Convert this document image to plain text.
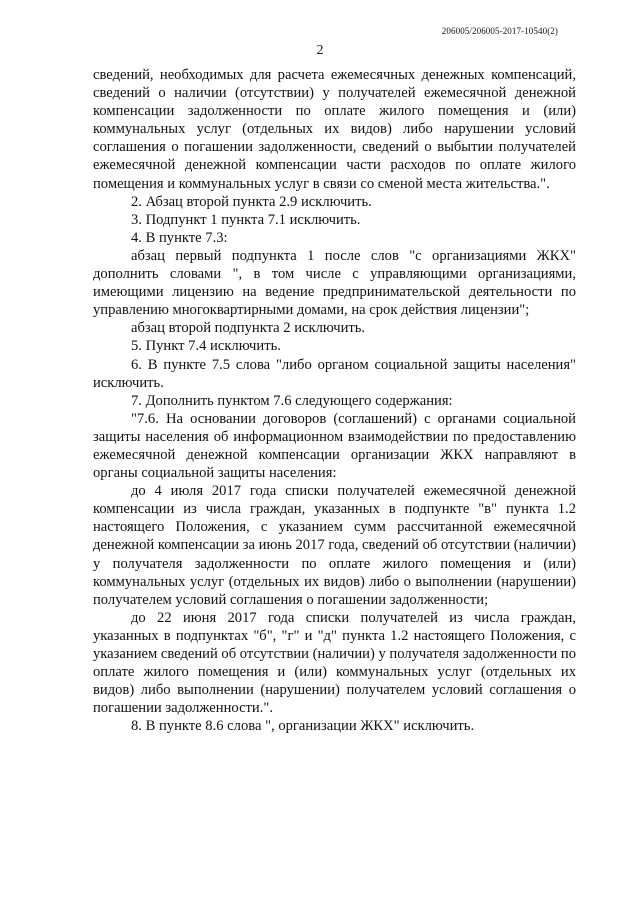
206005/206005-2017-10540(2)
2

сведений, необходимых для расчета ежемесячных денежных компенсаций, сведений о наличии (отсутствии) у получателей ежемесячной денежной компенсации задолженности по оплате жилого помещения и (или) коммунальных услуг (отдельных их видов) либо нарушении условий соглашения о погашении задолженности, сведений о выбытии получателей ежемесячной денежной компенсации части расходов по оплате жилого помещения и коммунальных услуг в связи со сменой места жительства.".

2. Абзац второй пункта 2.9 исключить.

3. Подпункт 1 пункта 7.1 исключить.

4. В пункте 7.3:

абзац первый подпункта 1 после слов "с организациями ЖКХ" дополнить словами ", в том числе с управляющими организациями, имеющими лицензию на ведение предпринимательской деятельности по управлению многоквартирными домами, на срок действия лицензии";

абзац второй подпункта 2 исключить.

5. Пункт 7.4 исключить.

6. В пункте 7.5 слова "либо органом социальной защиты населения" исключить.

7. Дополнить пунктом 7.6 следующего содержания:

"7.6. На основании договоров (соглашений) с органами социальной защиты населения об информационном взаимодействии по предоставлению ежемесячной денежной компенсации организации ЖКХ направляют в органы социальной защиты населения:

до 4 июля 2017 года списки получателей ежемесячной денежной компенсации из числа граждан, указанных в подпункте "в" пункта 1.2 настоящего Положения, с указанием сумм рассчитанной ежемесячной денежной компенсации за июнь 2017 года, сведений об отсутствии (наличии) у получателя задолженности по оплате жилого помещения и (или) коммунальных услуг (отдельных их видов) либо о выполнении (нарушении) получателем условий соглашения о погашении задолженности;

до 22 июня 2017 года списки получателей из числа граждан, указанных в подпунктах "б", "г" и "д" пункта 1.2 настоящего Положения, с указанием сведений об отсутствии (наличии) у получателя задолженности по оплате жилого помещения и (или) коммунальных услуг (отдельных их видов) либо выполнении (нарушении) получателем условий соглашения о погашении задолженности.".

8. В пункте 8.6 слова ", организации ЖКХ" исключить.
